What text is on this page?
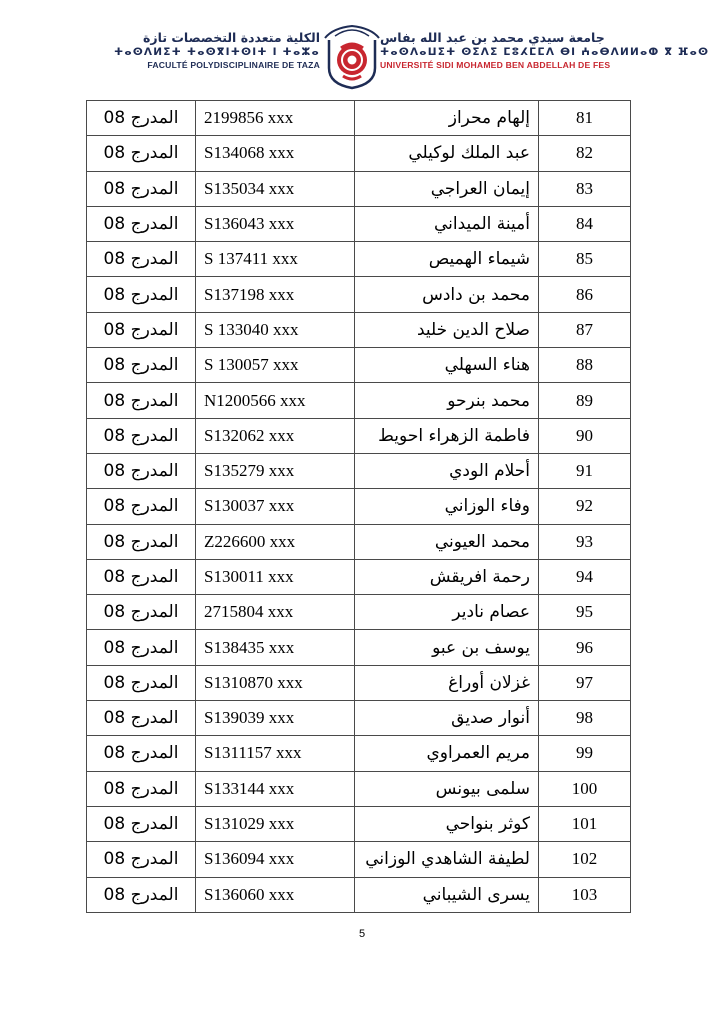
الكلية متعددة التخصصات تازة
ⵜⴰⵙⴷⵍⵉⵜ ⵜⴰⵙⴳⵏⵜⵙⵏⵜ ⵏ ⵜⴰⵣⴰ
FACULTÉ POLYDISCIPLINAIRE DE TAZA
جامعة سيدي محمد بن عبد الله بفاس
ⵜⴰⵙⴷⴰⵡⵉⵜ ⵙⵉⴷⵉ ⵎⵓⵃⵎⵎⴷ ⴱⵏ ⵄⴰⴱⴷⵍⵍⴰⵀ ⴳ ⴼⴰⵙ
UNIVERSITÉ SIDI MOHAMED BEN ABDELLAH DE FES
المدرج 08	2199856 xxx	إلهام محراز	81
المدرج 08	S134068 xxx	عبد الملك لوكيلي	82
المدرج 08	S135034 xxx	إيمان العراجي	83
المدرج 08	S136043 xxx	أمينة الميداني	84
المدرج 08	S 137411 xxx	شيماء الهميص	85
المدرج 08	S137198 xxx	محمد بن دادس	86
المدرج 08	S 133040 xxx	صلاح الدين خليد	87
المدرج 08	S 130057 xxx	هناء السهلي	88
المدرج 08	N1200566 xxx	محمد بنرحو	89
المدرج 08	S132062 xxx	فاطمة الزهراء احويط	90
المدرج 08	S135279 xxx	أحلام الودي	91
المدرج 08	S130037 xxx	وفاء الوزاني	92
المدرج 08	Z226600 xxx	محمد العيوني	93
المدرج 08	S130011 xxx	رحمة افريقش	94
المدرج 08	2715804 xxx	عصام نادير	95
المدرج 08	S138435 xxx	يوسف بن عبو	96
المدرج 08	S1310870 xxx	غزلان أوراغ	97
المدرج 08	S139039 xxx	أنوار صديق	98
المدرج 08	S1311157 xxx	مريم العمراوي	99
المدرج 08	S133144 xxx	سلمى بيونس	100
المدرج 08	S131029 xxx	كوثر بنواحي	101
المدرج 08	S136094 xxx	لطيفة الشاهدي الوزاني	102
المدرج 08	S136060 xxx	يسرى الشيباني	103
5
